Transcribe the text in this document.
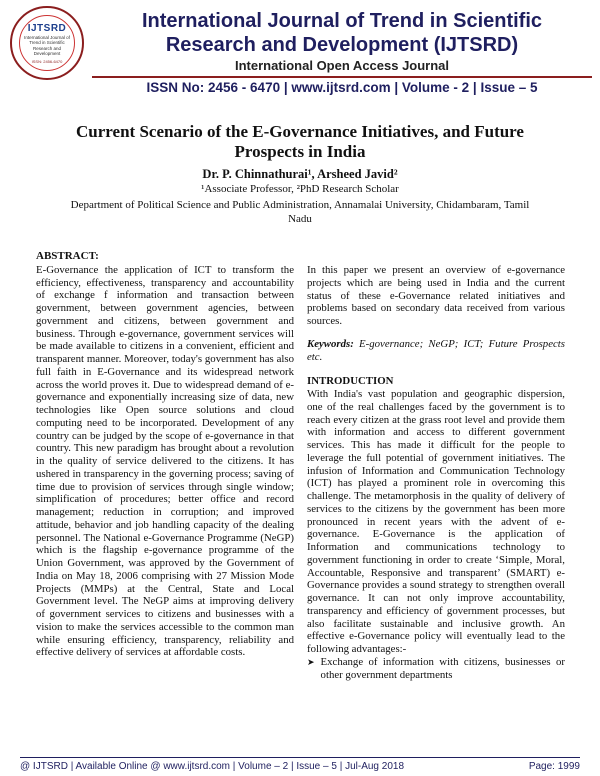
IJTSRD
International Journal of Trend in Scientific Research and Development
ISSN: 2456-6470
International Journal of Trend in Scientific
Research and Development (IJTSRD)
International Open Access Journal
ISSN No: 2456 - 6470 | www.ijtsrd.com | Volume - 2 | Issue – 5
Current Scenario of the E-Governance Initiatives, and Future Prospects in India
Dr. P. Chinnathurai¹, Arsheed Javid²
¹Associate Professor, ²PhD Research Scholar
Department of Political Science and Public Administration, Annamalai University, Chidambaram, Tamil Nadu
ABSTRACT:

E-Governance the application of ICT to transform the efficiency, effectiveness, transparency and accountability of exchange f information and transaction between government, between government agencies, between government and citizens, between government and business. Through e-governance, government services will be made available to citizens in a convenient, efficient and transparent manner. Moreover, today's government has also full faith in E-Governance and its widespread network across the world proves it. Due to widespread demand of e-governance and exponentially increasing size of data, new technologies like Open source solutions and cloud computing need to be incorporated. Development of any country can be judged by the scope of e-governance in that country. This new paradigm has brought about a revolution in the quality of service delivered to the citizens. It has ushered in transparency in the governing process; saving of time due to provision of services through single window; simplification of procedures; better office and record management; reduction in corruption; and improved attitude, behavior and job handling capacity of the dealing personnel. The National e-Governance Programme (NeGP) which is the flagship e-governance programme of the Union Government, was approved by the Government of India on May 18, 2006 comprising with 27 Mission Mode Projects (MMPs) at the Central, State and Local Government level. The NeGP aims at improving delivery of government services to citizens and businesses with a vision to make the services accessible to the common man while ensuring efficiency, transparency, reliability and effective delivery of services at affordable costs.

In this paper we present an overview of e-governance projects which are being used in India and the current status of these e-Governance related initiatives and problems based on secondary data received from various sources.

Keywords: E-governance; NeGP; ICT; Future Prospects etc.

INTRODUCTION

With India's vast population and geographic dispersion, one of the real challenges faced by the government is to reach every citizen at the grass root level and provide them with information and access to different government services. This has made it difficult for the people to leverage the full potential of government initiatives. The infusion of Information and Communication Technology (ICT) has played a prominent role in overcoming this challenge. The metamorphosis in the quality of delivery of services to the citizens by the government has been more pronounced in recent years with the advent of e-governance. E-Governance is the application of Information and communications technology to government functioning in order to create ‘Simple, Moral, Accountable, Responsive and transparent’ (SMART) e-Governance provides a sound strategy to strengthen overall governance. It can not only improve accountability, transparency and efficiency of government processes, but also facilitate sustainable and inclusive growth. An effective e-Governance policy will eventually lead to the following advantages:-

➤ Exchange of information with citizens, businesses or other government departments
@ IJTSRD | Available Online @ www.ijtsrd.com | Volume – 2 | Issue – 5 | Jul-Aug 2018	Page: 1999
